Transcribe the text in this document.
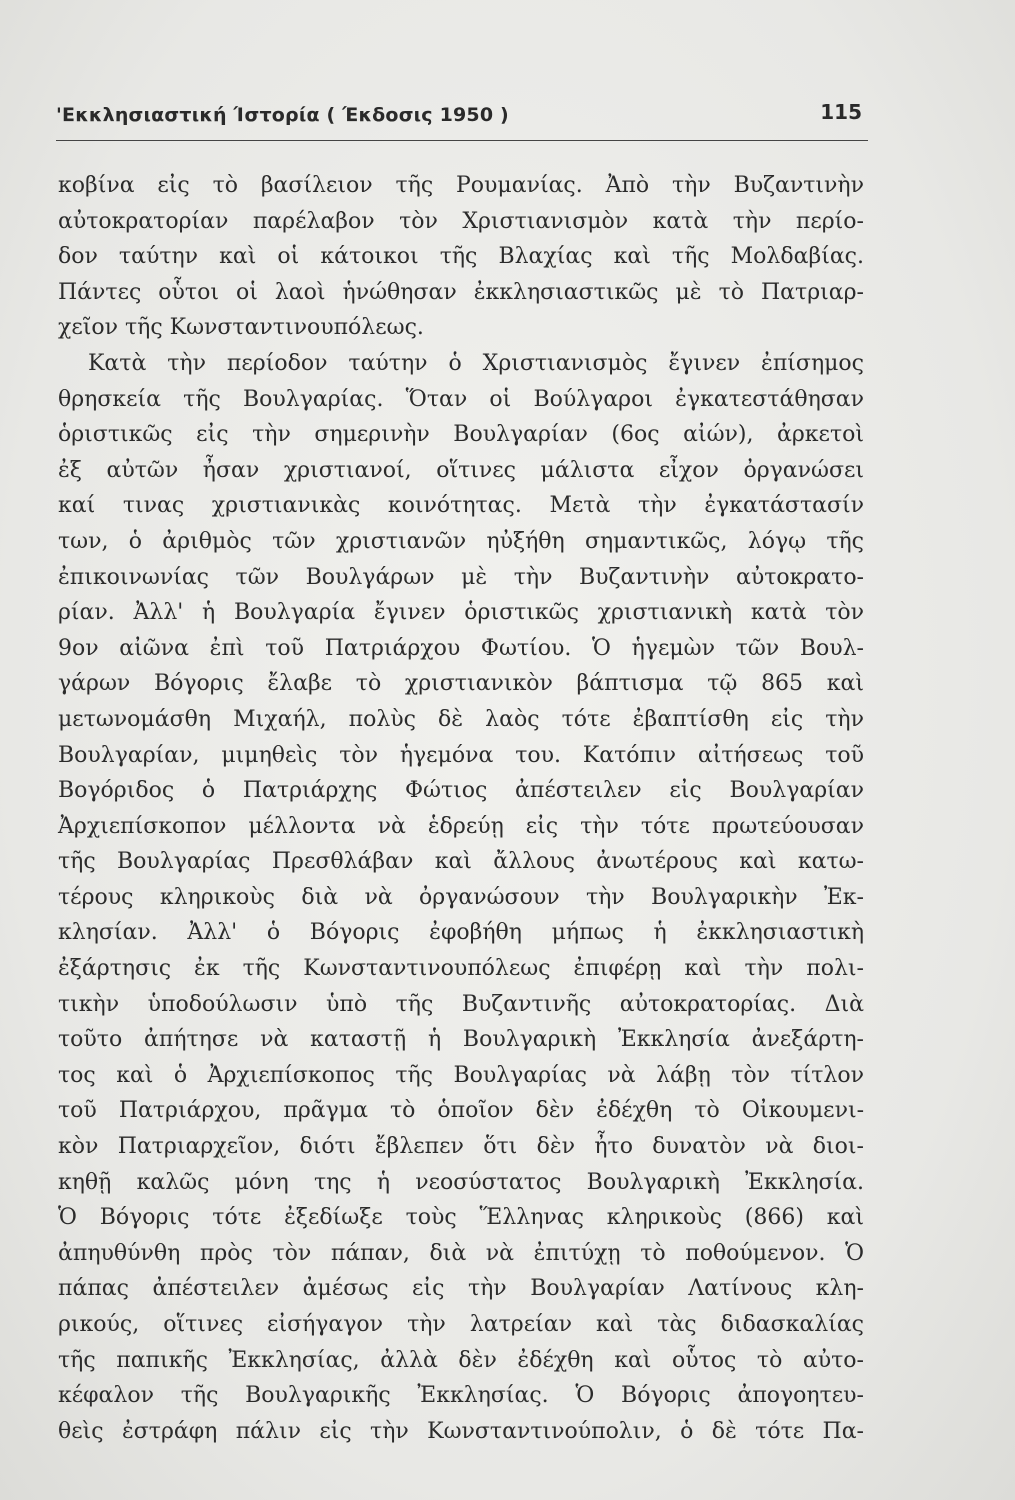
'Εκκλησιαστική Ίστορία ( Έκδοσις 1950 )	115
κοβίνα εἰς τὸ βασίλειον τῆς Ρουμανίας. Ἀπὸ τὴν Βυζαντινὴν
αὐτοκρατορίαν παρέλαβον τὸν Χριστιανισμὸν κατὰ τὴν περίο-
δον ταύτην καὶ οἱ κάτοικοι τῆς Βλαχίας καὶ τῆς Μολδαβίας.
Πάντες οὗτοι οἱ λαοὶ ἡνώθησαν ἐκκλησιαστικῶς μὲ τὸ Πατριαρ-
χεῖον τῆς Κωνσταντινουπόλεως.
Κατὰ τὴν περίοδον ταύτην ὁ Χριστιανισμὸς ἔγινεν ἐπίσημος
θρησκεία τῆς Βουλγαρίας. Ὅταν οἱ Βούλγαροι ἐγκατεστάθησαν
ὁριστικῶς εἰς τὴν σημερινὴν Βουλγαρίαν (6ος αἰών), ἀρκετοὶ
ἐξ αὐτῶν ἦσαν χριστιανοί, οἵτινες μάλιστα εἶχον ὀργανώσει
καί τινας χριστιανικὰς κοινότητας. Μετὰ τὴν ἐγκατάστασίν
των, ὁ ἀριθμὸς τῶν χριστιανῶν ηὐξήθη σημαντικῶς, λόγῳ τῆς
ἐπικοινωνίας τῶν Βουλγάρων μὲ τὴν Βυζαντινὴν αὐτοκρατο-
ρίαν. Ἀλλ' ἡ Βουλγαρία ἔγινεν ὁριστικῶς χριστιανικὴ κατὰ τὸν
9ον αἰῶνα ἐπὶ τοῦ Πατριάρχου Φωτίου. Ὁ ἡγεμὼν τῶν Βουλ-
γάρων Βόγορις ἔλαβε τὸ χριστιανικὸν βάπτισμα τῷ 865 καὶ
μετωνομάσθη Μιχαήλ, πολὺς δὲ λαὸς τότε ἐβαπτίσθη εἰς τὴν
Βουλγαρίαν, μιμηθεὶς τὸν ἡγεμόνα του. Κατόπιν αἰτήσεως τοῦ
Βογόριδος ὁ Πατριάρχης Φώτιος ἀπέστειλεν εἰς Βουλγαρίαν
Ἀρχιεπίσκοπον μέλλοντα νὰ ἑδρεύῃ εἰς τὴν τότε πρωτεύουσαν
τῆς Βουλγαρίας Πρεσθλάβαν καὶ ἄλλους ἀνωτέρους καὶ κατω-
τέρους κληρικοὺς διὰ νὰ ὀργανώσουν τὴν Βουλγαρικὴν Ἐκ-
κλησίαν. Ἀλλ' ὁ Βόγορις ἐφοβήθη μήπως ἡ ἐκκλησιαστικὴ
ἐξάρτησις ἐκ τῆς Κωνσταντινουπόλεως ἐπιφέρῃ καὶ τὴν πολι-
τικὴν ὑποδούλωσιν ὑπὸ τῆς Βυζαντινῆς αὐτοκρατορίας. Διὰ
τοῦτο ἀπήτησε νὰ καταστῇ ἡ Βουλγαρικὴ Ἐκκλησία ἀνεξάρτη-
τος καὶ ὁ Ἀρχιεπίσκοπος τῆς Βουλγαρίας νὰ λάβῃ τὸν τίτλον
τοῦ Πατριάρχου, πρᾶγμα τὸ ὁποῖον δὲν ἐδέχθη τὸ Οἰκουμενι-
κὸν Πατριαρχεῖον, διότι ἔβλεπεν ὅτι δὲν ἦτο δυνατὸν νὰ διοι-
κηθῇ καλῶς μόνη της ἡ νεοσύστατος Βουλγαρικὴ Ἐκκλησία.
Ὁ Βόγορις τότε ἐξεδίωξε τοὺς Ἕλληνας κληρικοὺς (866) καὶ
ἀπηυθύνθη πρὸς τὸν πάπαν, διὰ νὰ ἐπιτύχῃ τὸ ποθούμενον. Ὁ
πάπας ἀπέστειλεν ἀμέσως εἰς τὴν Βουλγαρίαν Λατίνους κλη-
ρικούς, οἵτινες εἰσήγαγον τὴν λατρείαν καὶ τὰς διδασκαλίας
τῆς παπικῆς Ἐκκλησίας, ἀλλὰ δὲν ἐδέχθη καὶ οὗτος τὸ αὐτο-
κέφαλον τῆς Βουλγαρικῆς Ἐκκλησίας. Ὁ Βόγορις ἀπογοητευ-
θεὶς ἐστράφη πάλιν εἰς τὴν Κωνσταντινούπολιν, ὁ δὲ τότε Πα-
